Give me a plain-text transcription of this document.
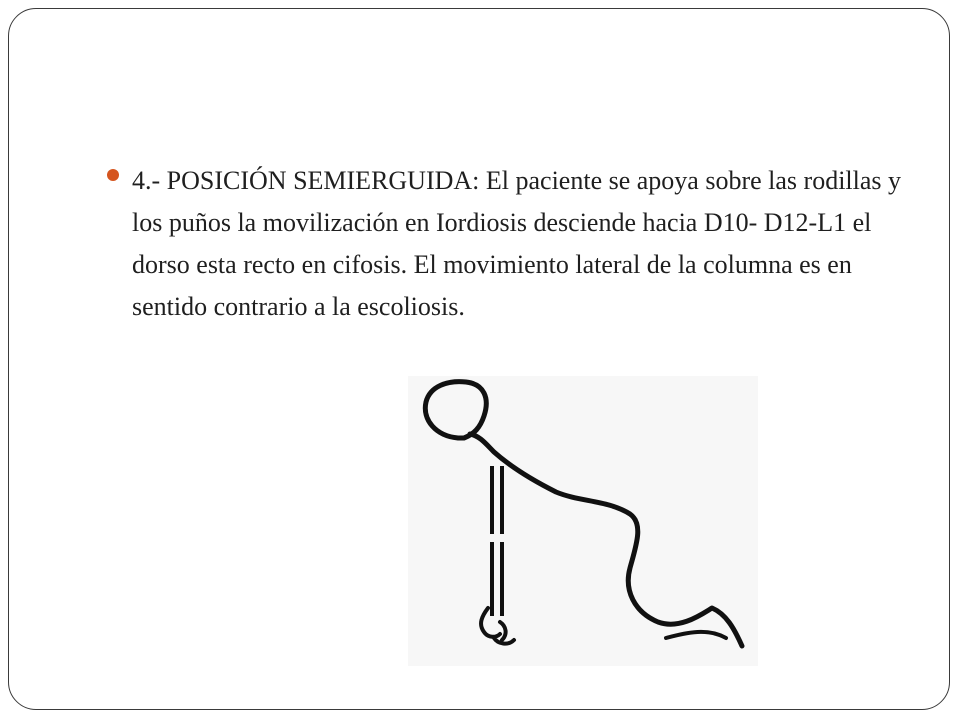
4.- POSICIÓN SEMIERGUIDA: El paciente se apoya sobre las rodillas y los puños la movilización en Iordiosis desciende hacia D10- D12-L1 el dorso esta recto en cifosis. El movimiento lateral de la columna es en sentido contrario a la escoliosis.
